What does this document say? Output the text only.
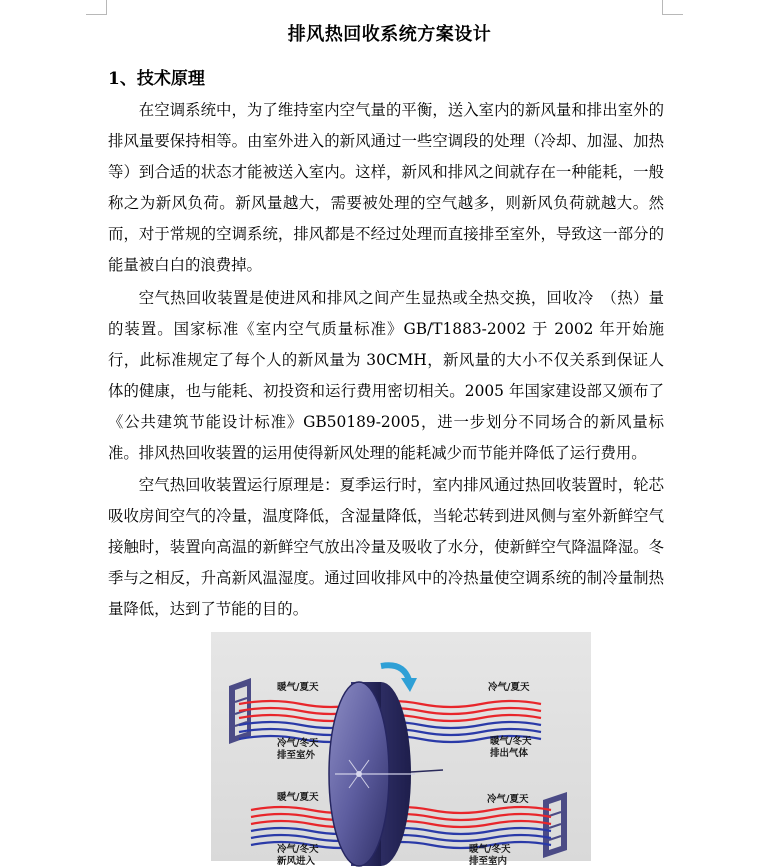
排风热回收系统方案设计
1、技术原理

在空调系统中，为了维持室内空气量的平衡，送入室内的新风量和排出室外的排风量要保持相等。由室外进入的新风通过一些空调段的处理（冷却、加湿、加热等）到合适的状态才能被送入室内。这样，新风和排风之间就存在一种能耗，一般称之为新风负荷。新风量越大，需要被处理的空气越多，则新风负荷就越大。然而，对于常规的空调系统，排风都是不经过处理而直接排至室外，导致这一部分的能量被白白的浪费掉。

空气热回收装置是使进风和排风之间产生显热或全热交换，回收冷　（热）量的装置。国家标准《室内空气质量标准》GB/T1883-2002 于 2002 年开始施行，此标准规定了每个人的新风量为 30CMH，新风量的大小不仅关系到保证人体的健康，也与能耗、初投资和运行费用密切相关。2005 年国家建设部又颁布了《公共建筑节能设计标准》GB50189-2005，进一步划分不同场合的新风量标准。排风热回收装置的运用使得新风处理的能耗减少而节能并降低了运行费用。

空气热回收装置运行原理是：夏季运行时，室内排风通过热回收装置时，轮芯吸收房间空气的冷量，温度降低，含湿量降低，当轮芯转到进风侧与室外新鲜空气接触时，装置向高温的新鲜空气放出冷量及吸收了水分，使新鲜空气降温降湿。冬季与之相反，升高新风温湿度。通过回收排风中的冷热量使空调系统的制冷量制热量降低，达到了节能的目的。

暖气/夏天	冷气/夏天
冷气/冬天
排至室外
暖气/冬天
排出气体
暖气/夏天	冷气/夏天
冷气/冬天
新风进入
暖气/冬天
排至室内
